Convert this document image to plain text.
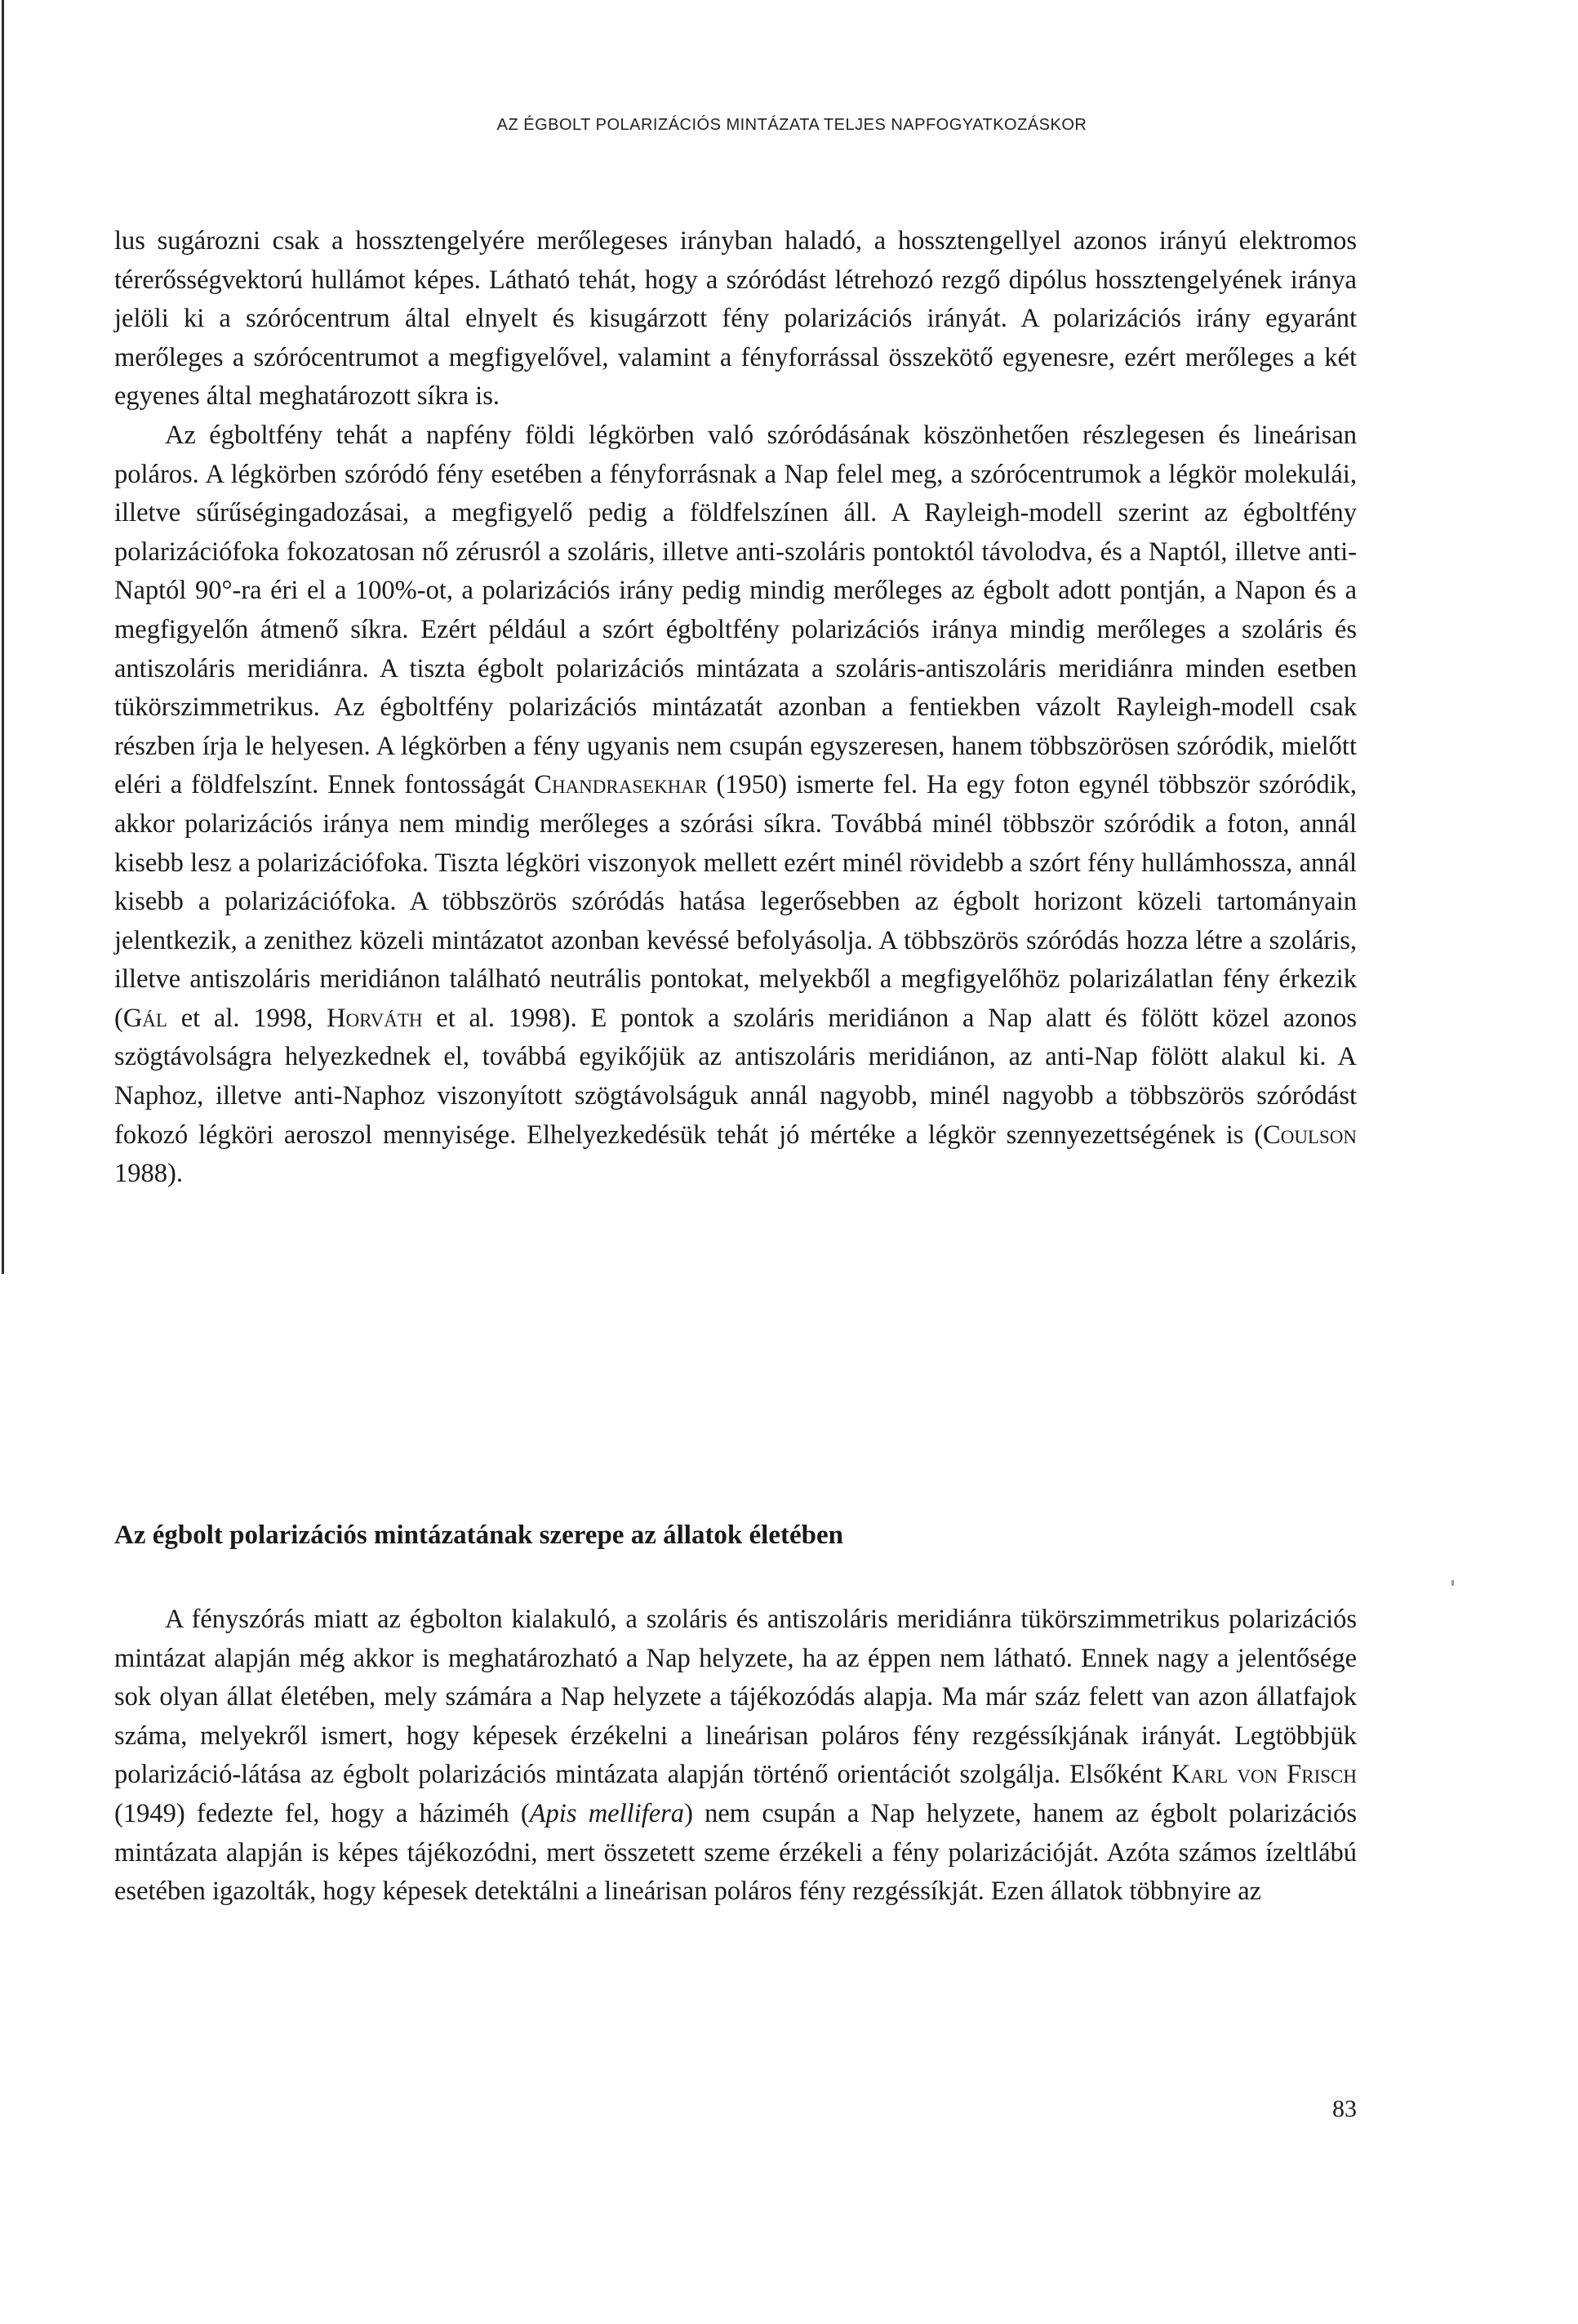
AZ ÉGBOLT POLARIZÁCIÓS MINTÁZATA TELJES NAPFOGYATKOZÁSKOR

lus sugározni csak a hossztengelyére merőlegeses irányban haladó, a hossztengellyel azonos irányú elektromos térerősségvektorú hullámot képes. Látható tehát, hogy a szóródást létrehozó rezgő dipólus hossztengelyének iránya jelöli ki a szórócentrum által elnyelt és kisugárzott fény polarizációs irányát. A polarizációs irány egyaránt merőleges a szórócentrumot a megfigyelővel, valamint a fényforrással összekötő egyenesre, ezért merőleges a két egyenes által meghatározott síkra is.

Az égboltfény tehát a napfény földi légkörben való szóródásának köszönhetően részlegesen és lineárisan poláros. A légkörben szóródó fény esetében a fényforrásnak a Nap felel meg, a szórócentrumok a légkör molekulái, illetve sűrűségingadozásai, a megfigyelő pedig a földfelszínen áll. A Rayleigh-modell szerint az égboltfény polarizációfoka fokozatosan nő zérusról a szoláris, illetve anti-szoláris pontoktól távolodva, és a Naptól, illetve anti-Naptól 90°-ra éri el a 100%-ot, a polarizációs irány pedig mindig merőleges az égbolt adott pontján, a Napon és a megfigyelőn átmenő síkra. Ezért például a szórt égboltfény polarizációs iránya mindig merőleges a szoláris és antiszoláris meridiánra. A tiszta égbolt polarizációs mintázata a szoláris-antiszoláris meridiánra minden esetben tükörszimmetrikus. Az égboltfény polarizációs mintázatát azonban a fentiekben vázolt Rayleigh-modell csak részben írja le helyesen. A légkörben a fény ugyanis nem csupán egyszeresen, hanem többszörösen szóródik, mielőtt eléri a földfelszínt. Ennek fontosságát Chandrasekhar (1950) ismerte fel. Ha egy foton egynél többször szóródik, akkor polarizációs iránya nem mindig merőleges a szórási síkra. Továbbá minél többször szóródik a foton, annál kisebb lesz a polarizációfoka. Tiszta légköri viszonyok mellett ezért minél rövidebb a szórt fény hullámhossza, annál kisebb a polarizációfoka. A többszörös szóródás hatása legerősebben az égbolt horizont közeli tartományain jelentkezik, a zenithez közeli mintázatot azonban kevéssé befolyásolja. A többszörös szóródás hozza létre a szoláris, illetve antiszoláris meridiánon található neutrális pontokat, melyekből a megfigyelőhöz polarizálatlan fény érkezik (Gál et al. 1998, Horváth et al. 1998). E pontok a szoláris meridiánon a Nap alatt és fölött közel azonos szögtávolságra helyezkednek el, továbbá egyikőjük az antiszoláris meridiánon, az anti-Nap fölött alakul ki. A Naphoz, illetve anti-Naphoz viszonyított szögtávolságuk annál nagyobb, minél nagyobb a többszörös szóródást fokozó légköri aeroszol mennyisége. Elhelyezkedésük tehát jó mértéke a légkör szennyezettségének is (Coulson 1988).

Az égbolt polarizációs mintázatának szerepe az állatok életében

A fényszórás miatt az égbolton kialakuló, a szoláris és antiszoláris meridiánra tükörszimmetrikus polarizációs mintázat alapján még akkor is meghatározható a Nap helyzete, ha az éppen nem látható. Ennek nagy a jelentősége sok olyan állat életében, mely számára a Nap helyzete a tájékozódás alapja. Ma már száz felett van azon állatfajok száma, melyekről ismert, hogy képesek érzékelni a lineárisan poláros fény rezgéssíkjának irányát. Legtöbbjük polarizáció-látása az égbolt polarizációs mintázata alapján történő orientációt szolgálja. Elsőként Karl von Frisch (1949) fedezte fel, hogy a háziméh (Apis mellifera) nem csupán a Nap helyzete, hanem az égbolt polarizációs mintázata alapján is képes tájékozódni, mert összetett szeme érzékeli a fény polarizációját. Azóta számos ízeltlábú esetében igazolták, hogy képesek detektálni a lineárisan poláros fény rezgéssíkját. Ezen állatok többnyire az

83
